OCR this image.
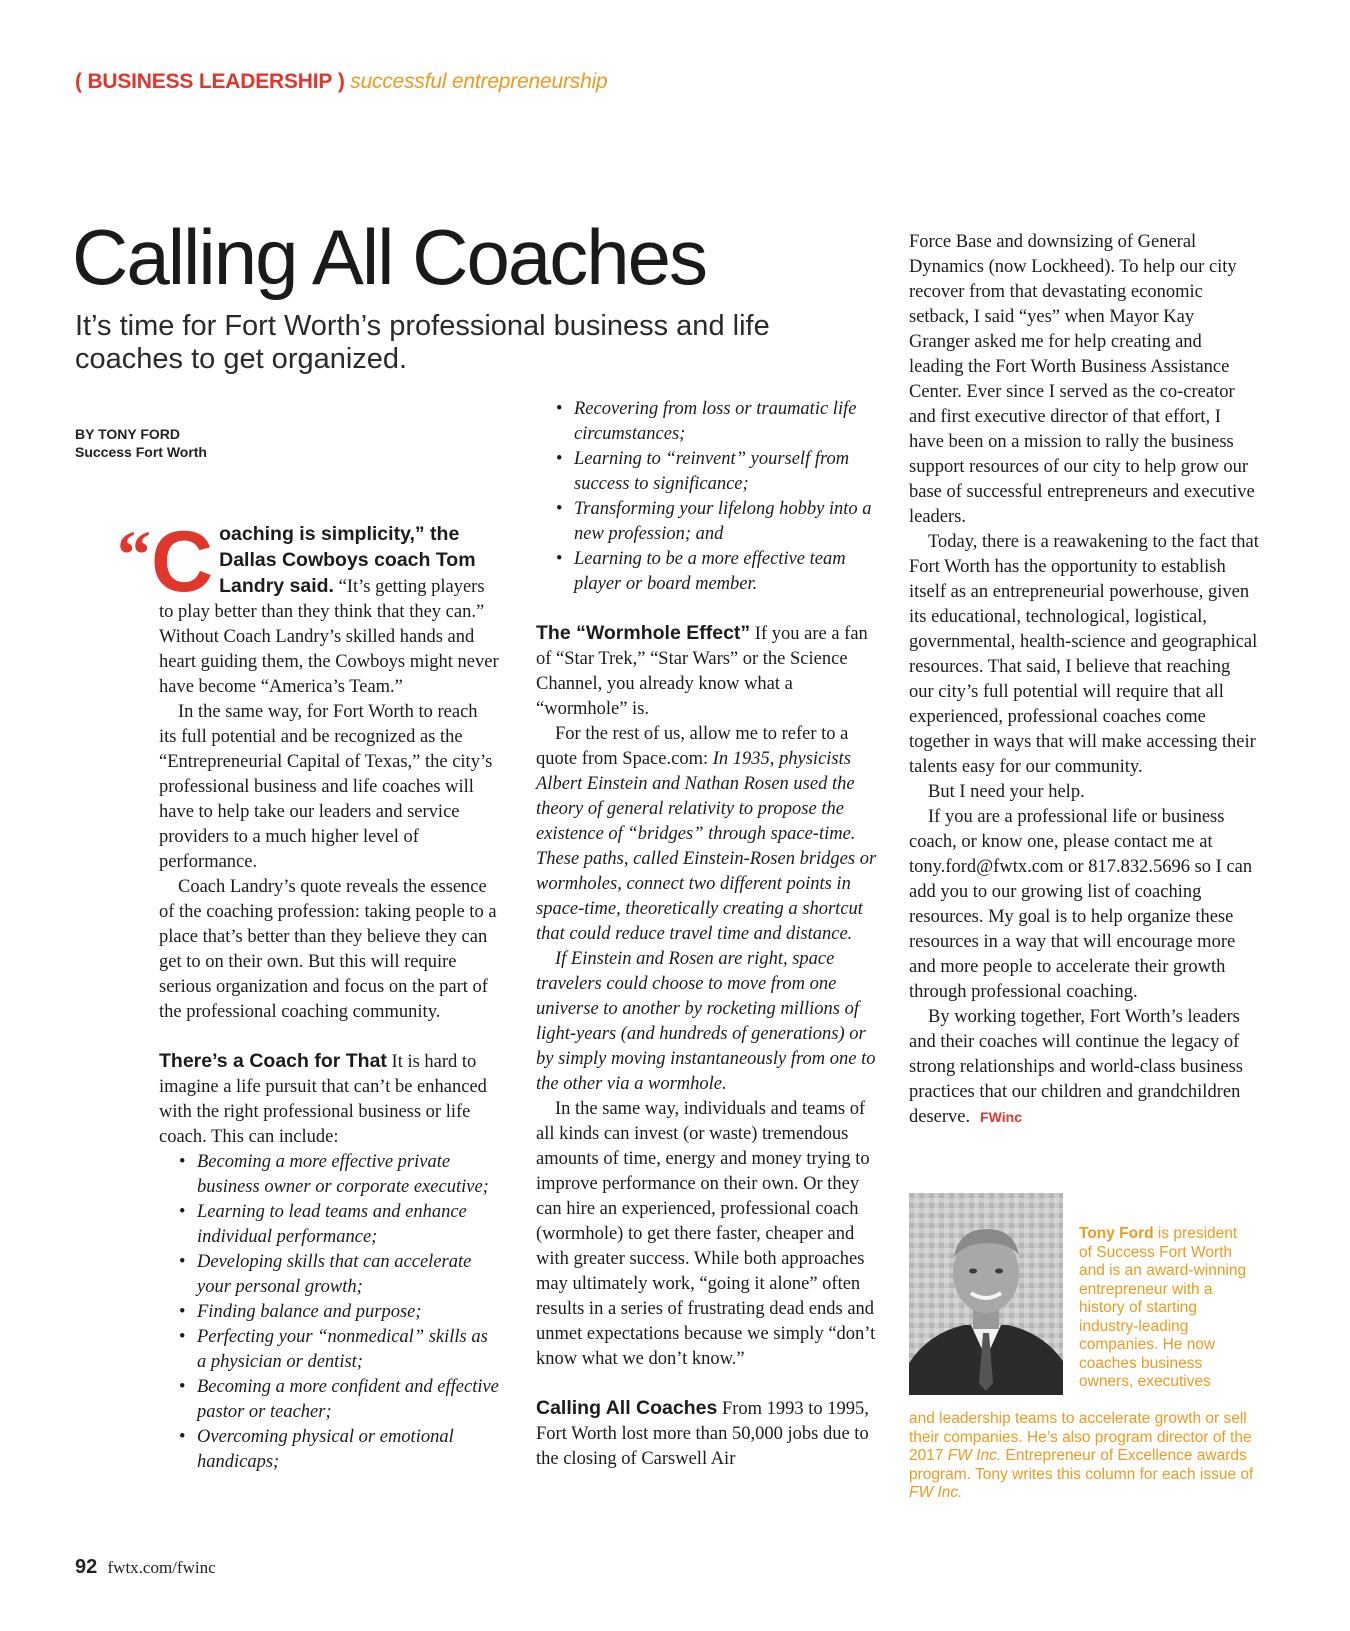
( BUSINESS LEADERSHIP ) successful entrepreneurship
Calling All Coaches

It’s time for Fort Worth’s professional business and life coaches to get organized.

BY TONY FORD
Success Fort Worth
“ C oaching is simplicity,” the Dallas Cowboys coach Tom Landry said. “It’s getting players to play better than they think that they can.” Without Coach Landry’s skilled hands and heart guiding them, the Cowboys might never have become “America’s Team.”

In the same way, for Fort Worth to reach its full potential and be recognized as the “Entrepreneurial Capital of Texas,” the city’s professional business and life coaches will have to help take our leaders and service providers to a much higher level of performance.

Coach Landry’s quote reveals the essence of the coaching profession: taking people to a place that’s better than they believe they can get to on their own. But this will require serious organization and focus on the part of the professional coaching community.

There’s a Coach for That It is hard to imagine a life pursuit that can’t be enhanced with the right professional business or life coach. This can include:

• Becoming a more effective private business owner or corporate executive;
• Learning to lead teams and enhance individual performance;
• Developing skills that can accelerate your personal growth;
• Finding balance and purpose;
• Perfecting your “nonmedical” skills as a physician or dentist;
• Becoming a more confident and effective pastor or teacher;
• Overcoming physical or emotional handicaps;
• Recovering from loss or traumatic life circumstances;
• Learning to “reinvent” yourself from success to significance;
• Transforming your lifelong hobby into a new profession; and
• Learning to be a more effective team player or board member.

The “Wormhole Effect” If you are a fan of “Star Trek,” “Star Wars” or the Science Channel, you already know what a “wormhole” is.

For the rest of us, allow me to refer to a quote from Space.com: In 1935, physicists Albert Einstein and Nathan Rosen used the theory of general relativity to propose the existence of “bridges” through space-time. These paths, called Einstein-Rosen bridges or wormholes, connect two different points in space-time, theoretically creating a shortcut that could reduce travel time and distance.

If Einstein and Rosen are right, space travelers could choose to move from one universe to another by rocketing millions of light-years (and hundreds of generations) or by simply moving instantaneously from one to the other via a wormhole.

In the same way, individuals and teams of all kinds can invest (or waste) tremendous amounts of time, energy and money trying to improve performance on their own. Or they can hire an experienced, professional coach (wormhole) to get there faster, cheaper and with greater success. While both approaches may ultimately work, “going it alone” often results in a series of frustrating dead ends and unmet expectations because we simply “don’t know what we don’t know.”

Calling All Coaches From 1993 to 1995, Fort Worth lost more than 50,000 jobs due to the closing of Carswell Air

Force Base and downsizing of General Dynamics (now Lockheed). To help our city recover from that devastating economic setback, I said “yes” when Mayor Kay Granger asked me for help creating and leading the Fort Worth Business Assistance Center. Ever since I served as the co-creator and first executive director of that effort, I have been on a mission to rally the business support resources of our city to help grow our base of successful entrepreneurs and executive leaders.

Today, there is a reawakening to the fact that Fort Worth has the opportunity to establish itself as an entrepreneurial powerhouse, given its educational, technological, logistical, governmental, health-science and geographical resources. That said, I believe that reaching our city’s full potential will require that all experienced, professional coaches come together in ways that will make accessing their talents easy for our community.

But I need your help.

If you are a professional life or business coach, or know one, please contact me at tony.ford@fwtx.com or 817.832.5696 so I can add you to our growing list of coaching resources. My goal is to help organize these resources in a way that will encourage more and more people to accelerate their growth through professional coaching.

By working together, Fort Worth’s leaders and their coaches will continue the legacy of strong relationships and world-class business practices that our children and grandchildren deserve. FWinc

Tony Ford is president of Success Fort Worth and is an award-winning entrepreneur with a history of starting industry-leading companies. He now coaches business owners, executives
and leadership teams to accelerate growth or sell their companies. He’s also program director of the 2017 FW Inc. Entrepreneur of Excellence awards program. Tony writes this column for each issue of FW Inc.
92 fwtx.com/fwinc
